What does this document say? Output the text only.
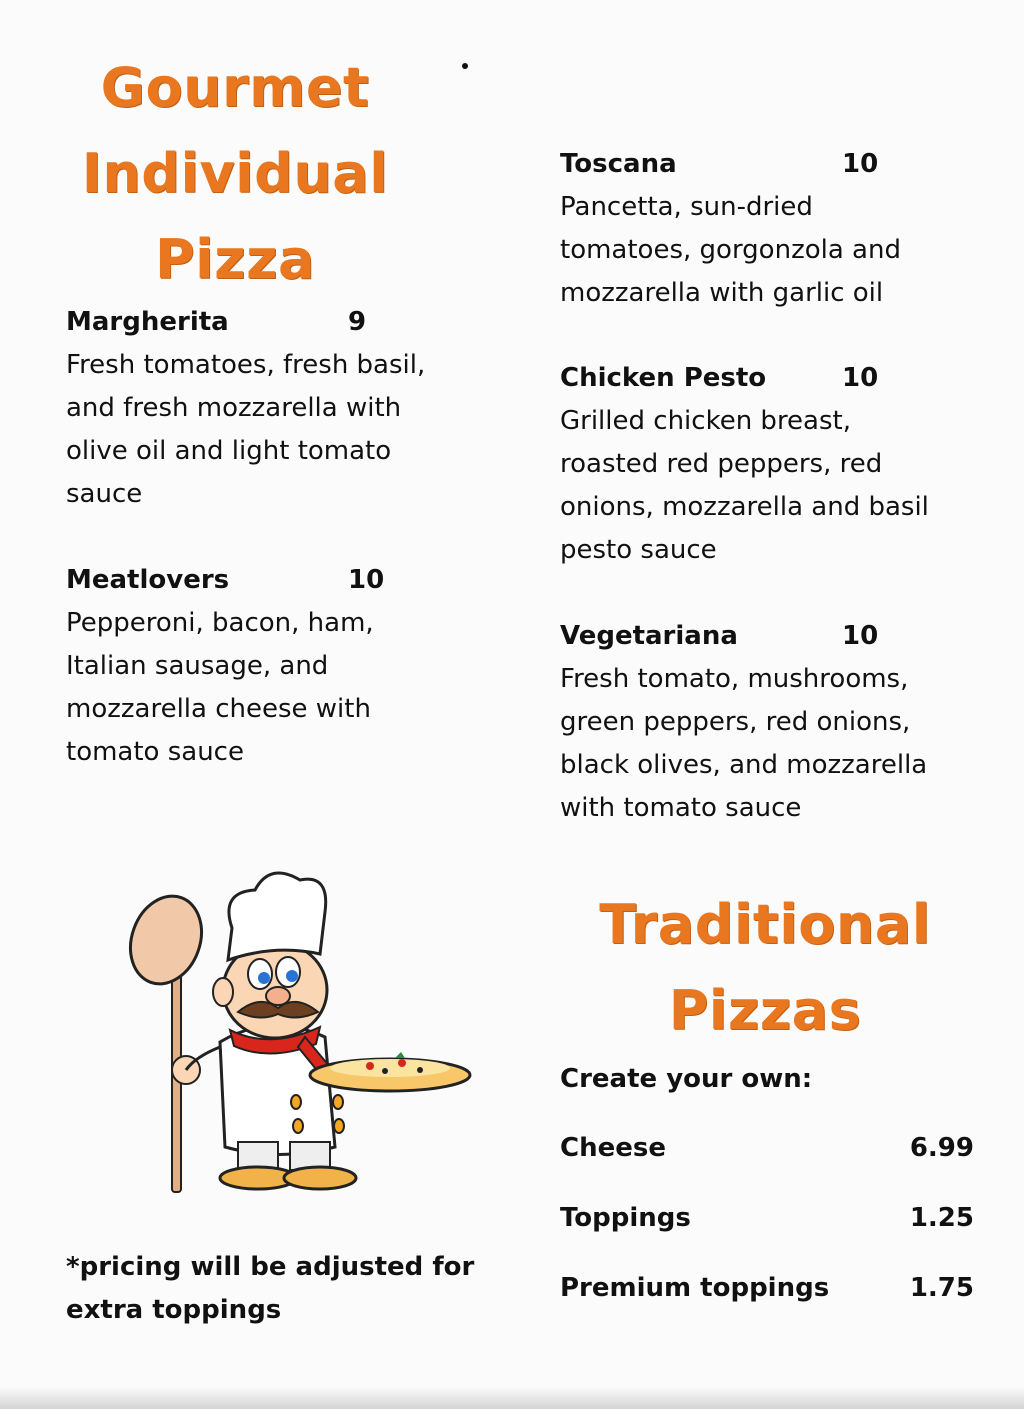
Gourmet
Individual
Pizza
Margherita	9

Fresh tomatoes, fresh basil,
and fresh mozzarella with
olive oil and light tomato
sauce

Meatlovers	10

Pepperoni, bacon, ham,
Italian sausage, and
mozzarella cheese with
tomato sauce

Toscana	10

Pancetta, sun-dried
tomatoes, gorgonzola and
mozzarella with garlic oil

Chicken Pesto	10

Grilled chicken breast,
roasted red peppers, red
onions, mozzarella and basil
pesto sauce

Vegetariana	10

Fresh tomato, mushrooms,
green peppers, red onions,
black olives, and mozzarella
with tomato sauce

*pricing will be adjusted for
extra toppings
Traditional
Pizzas
Create your own:
Cheese	6.99
Toppings	1.25
Premium toppings	1.75
